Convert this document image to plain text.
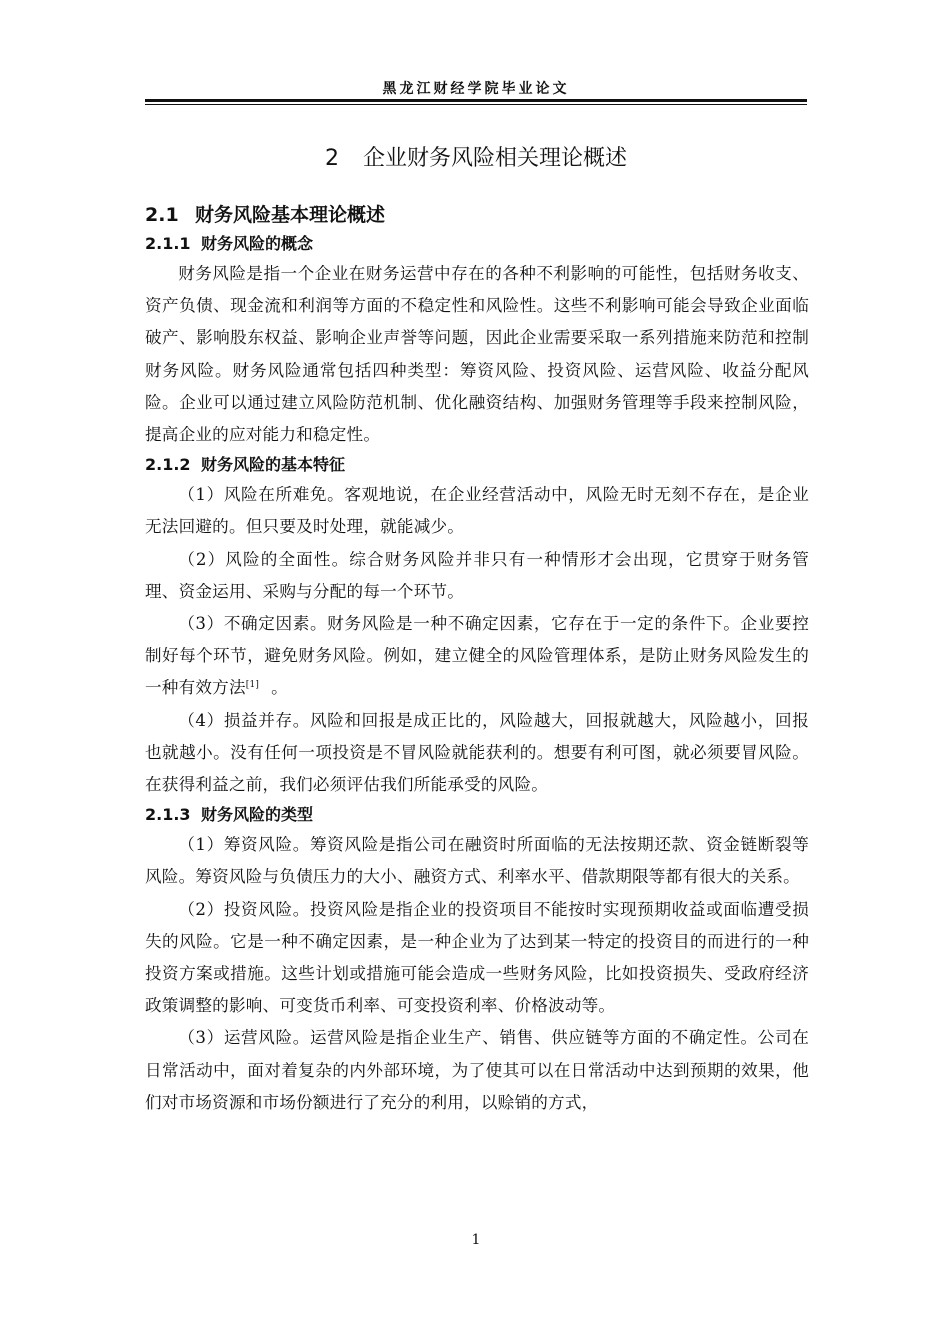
黑龙江财经学院毕业论文
2 企业财务风险相关理论概述
2.1 财务风险基本理论概述
2.1.1 财务风险的概念

财务风险是指一个企业在财务运营中存在的各种不利影响的可能性，包括财务收支、资产负债、现金流和利润等方面的不稳定性和风险性。这些不利影响可能会导致企业面临破产、影响股东权益、影响企业声誉等问题，因此企业需要采取一系列措施来防范和控制财务风险。财务风险通常包括四种类型：筹资风险、投资风险、运营风险、收益分配风险。企业可以通过建立风险防范机制、优化融资结构、加强财务管理等手段来控制风险，提高企业的应对能力和稳定性。

2.1.2 财务风险的基本特征

（1）风险在所难免。客观地说，在企业经营活动中，风险无时无刻不存在，是企业无法回避的。但只要及时处理，就能减少。

（2）风险的全面性。综合财务风险并非只有一种情形才会出现，它贯穿于财务管理、资金运用、采购与分配的每一个环节。

（3）不确定因素。财务风险是一种不确定因素，它存在于一定的条件下。企业要控制好每个环节，避免财务风险。例如，建立健全的风险管理体系，是防止财务风险发生的一种有效方法[1] 。

（4）损益并存。风险和回报是成正比的，风险越大，回报就越大，风险越小，回报也就越小。没有任何一项投资是不冒风险就能获利的。想要有利可图，就必须要冒风险。在获得利益之前，我们必须评估我们所能承受的风险。

2.1.3 财务风险的类型

（1）筹资风险。筹资风险是指公司在融资时所面临的无法按期还款、资金链断裂等风险。筹资风险与负债压力的大小、融资方式、利率水平、借款期限等都有很大的关系。

（2）投资风险。投资风险是指企业的投资项目不能按时实现预期收益或面临遭受损失的风险。它是一种不确定因素，是一种企业为了达到某一特定的投资目的而进行的一种投资方案或措施。这些计划或措施可能会造成一些财务风险，比如投资损失、受政府经济政策调整的影响、可变货币利率、可变投资利率、价格波动等。

（3）运营风险。运营风险是指企业生产、销售、供应链等方面的不确定性。公司在日常活动中，面对着复杂的内外部环境，为了使其可以在日常活动中达到预期的效果，他们对市场资源和市场份额进行了充分的利用，以赊销的方式，

1
